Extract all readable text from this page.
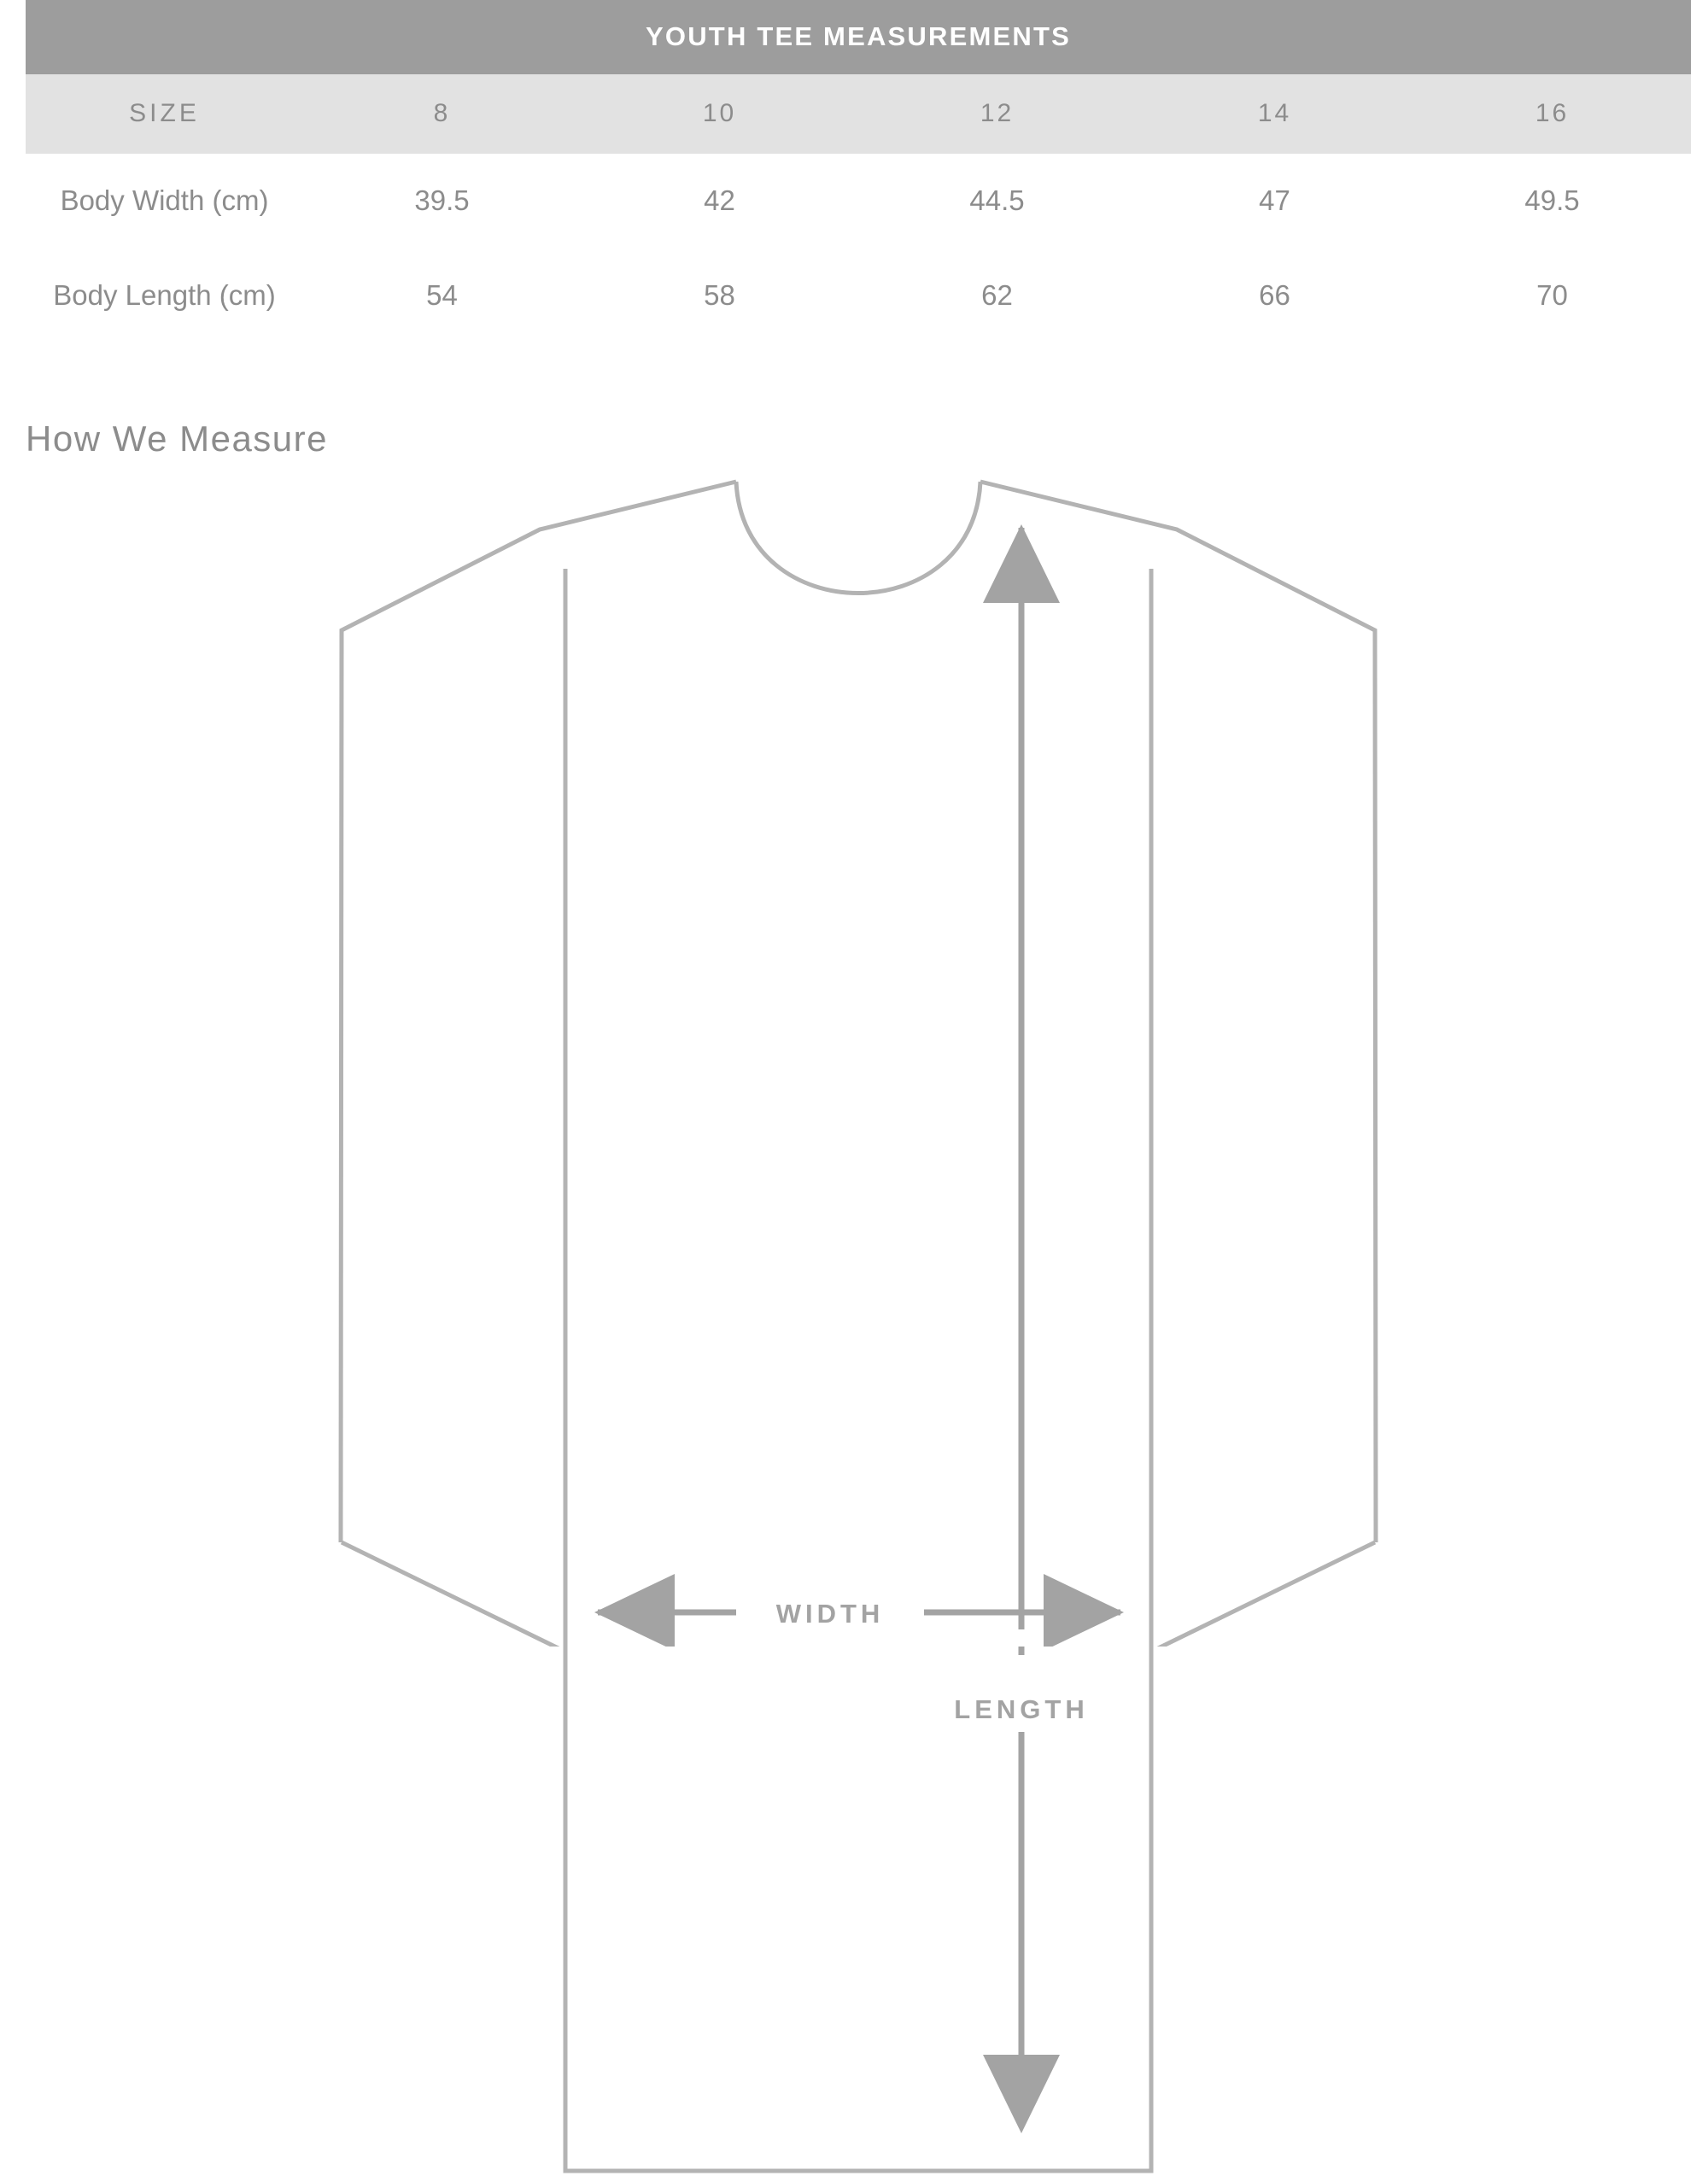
YOUTH TEE MEASUREMENTS					
SIZE	8	10	12	14	16
Body Width (cm)	39.5	42	44.5	47	49.5
Body Length (cm)	54	58	62	66	70
How We Measure
WIDTH
LENGTH
